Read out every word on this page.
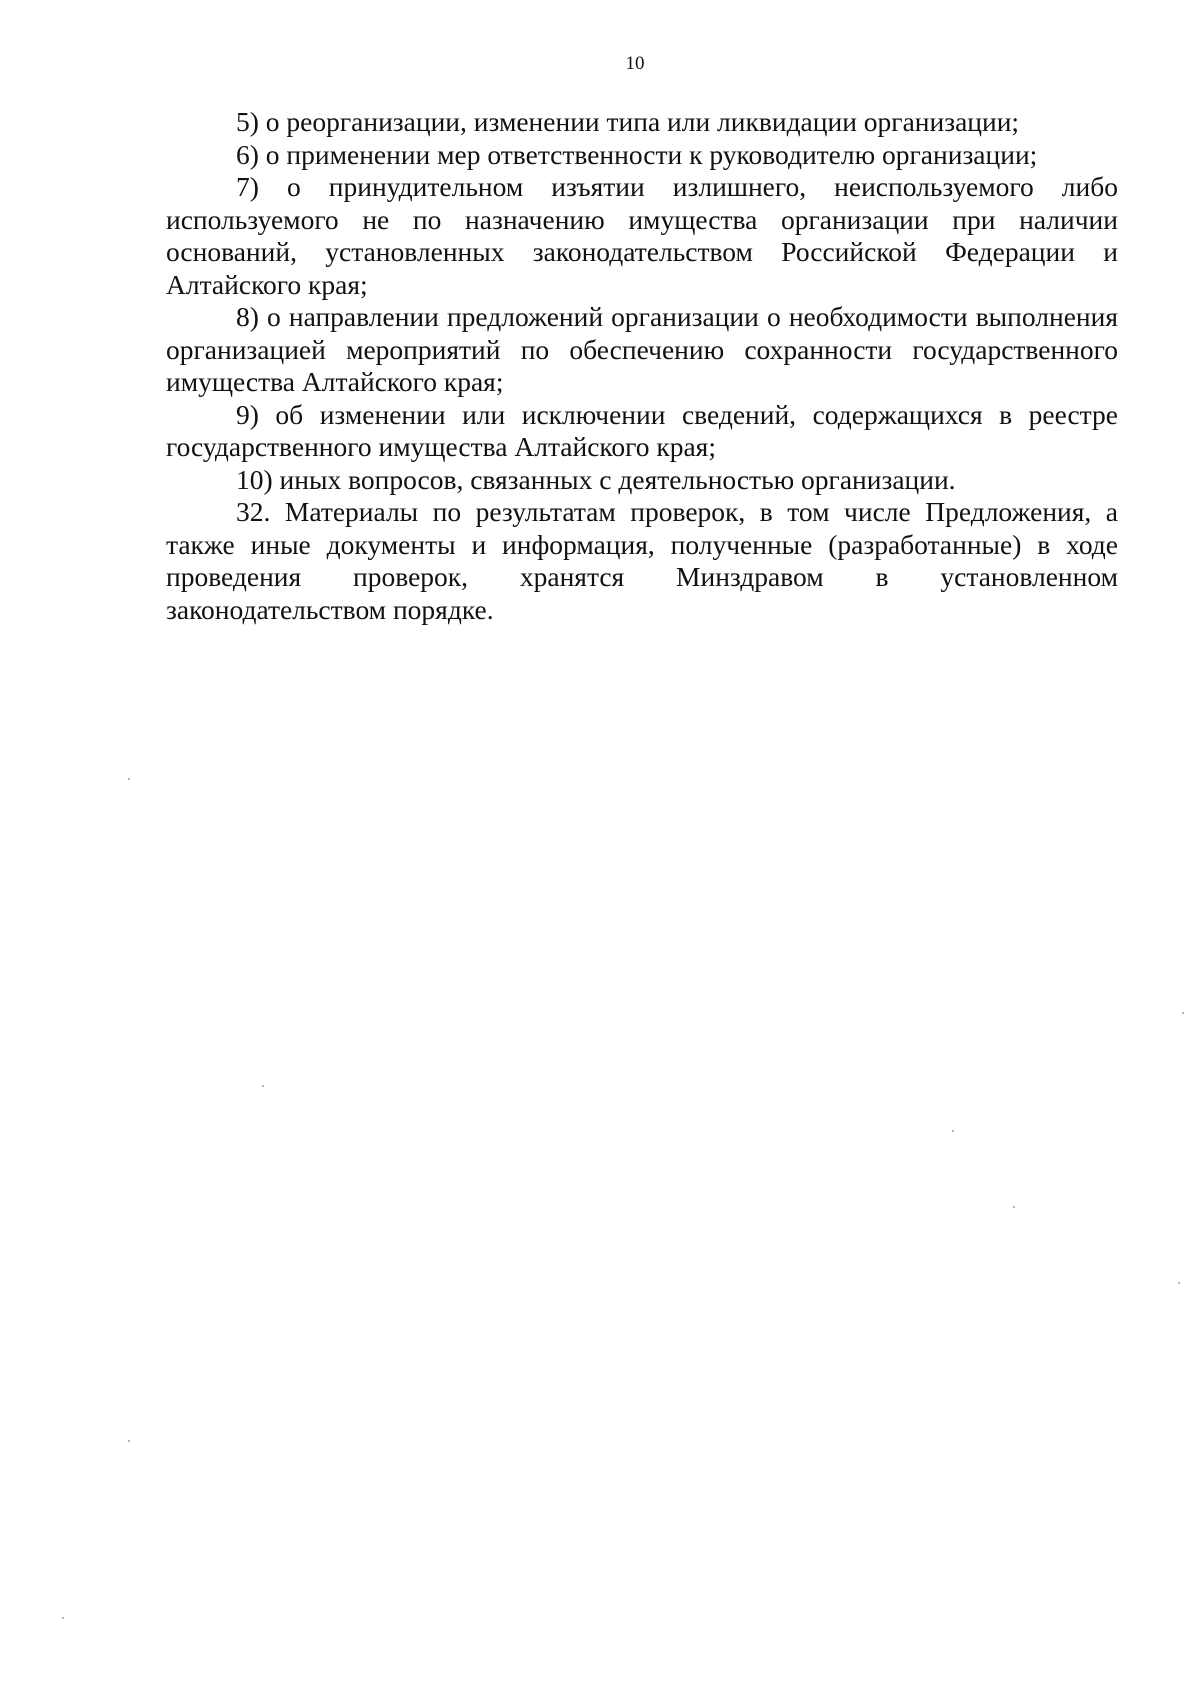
10

5) о реорганизации, изменении типа или ликвидации организации;

6) о применении мер ответственности к руководителю организации;

7) о принудительном изъятии излишнего, неиспользуемого либо используемого не по назначению имущества организации при наличии оснований, установленных законодательством Российской Федерации и Алтайского края;

8) о направлении предложений организации о необходимости выполнения организацией мероприятий по обеспечению сохранности государственного имущества Алтайского края;

9) об изменении или исключении сведений, содержащихся в реестре государственного имущества Алтайского края;

10) иных вопросов, связанных с деятельностью организации.

32. Материалы по результатам проверок, в том числе Предложения, а также иные документы и информация, полученные (разработанные) в ходе проведения проверок, хранятся Минздравом в установленном законодательством порядке.
